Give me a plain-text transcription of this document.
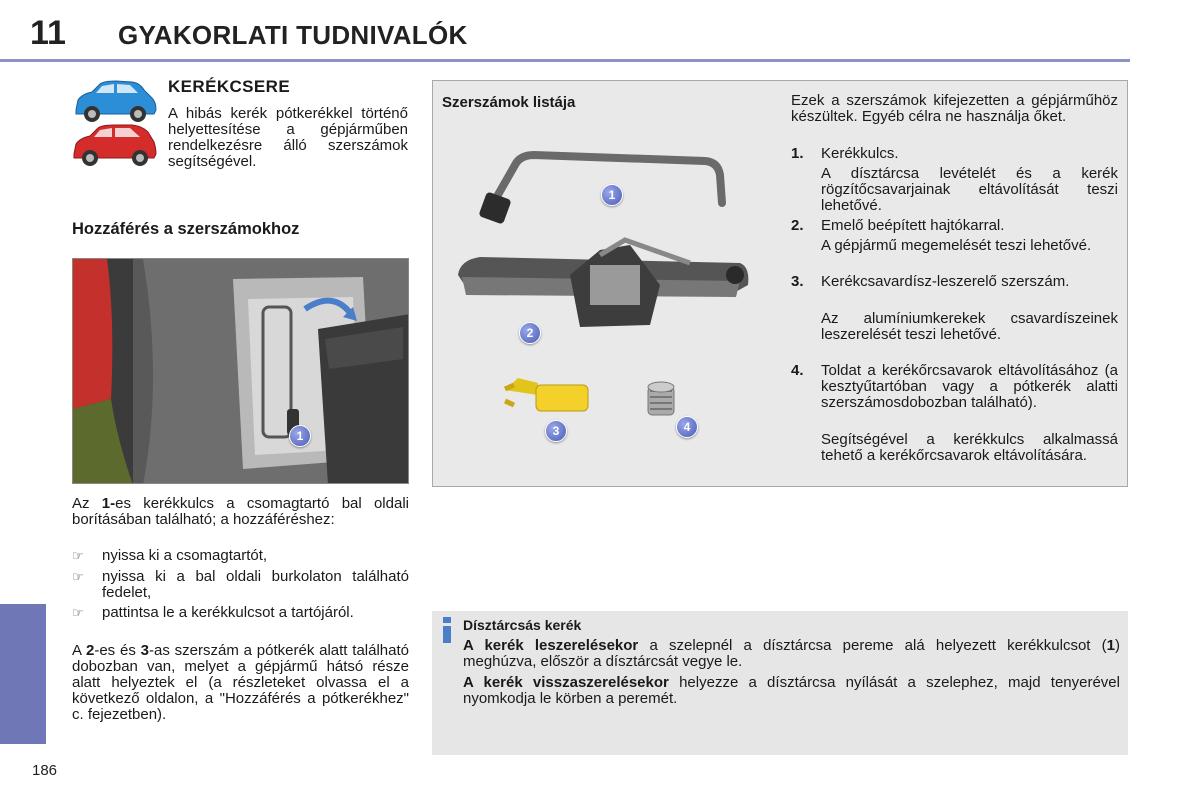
11 GYAKORLATI TUDNIVALÓK
186
KERÉKCSERE
A hibás kerék pótkerékkel történő helyettesítése a gépjárműben rendelkezésre álló szerszámok segítségével.
Hozzáférés a szerszámokhoz
1
Az 1-es kerékkulcs a csomagtartó bal oldali borításában található; a hozzáféréshez:
☞ nyissa ki a csomagtartót,
☞ nyissa ki a bal oldali burkolaton található fedelet,
☞ pattintsa le a kerékkulcsot a tartójáról.
A 2-es és 3-as szerszám a pótkerék alatt található dobozban van, melyet a gépjármű hátsó része alatt helyeztek el (a részleteket olvassa el a következő oldalon, a "Hozzáférés a pótkerékhez" c. fejezetben).
Szerszámok listája
1
2
3	4
Ezek a szerszámok kifejezetten a gépjárműhöz készültek. Egyéb célra ne használja őket.
1. Kerékkulcs.
A dísztárcsa levételét és a kerék rögzítőcsavarjainak eltávolítását teszi lehetővé.
2. Emelő beépített hajtókarral.
A gépjármű megemelését teszi lehetővé.
3. Kerékcsavardísz-leszerelő szerszám.
Az alumíniumkerekek csavardíszeinek leszerelését teszi lehetővé.
4. Toldat a kerékőrcsavarok eltávolításához (a kesztyűtartóban vagy a pótkerék alatti szerszámosdobozban található).
Segítségével a kerékkulcs alkalmassá tehető a kerékőrcsavarok eltávolítására.
Dísztárcsás kerék
A kerék leszerelésekor a szelepnél a dísztárcsa pereme alá helyezett kerékkulcsot (1) meghúzva, először a dísztárcsát vegye le.
A kerék visszaszerelésekor helyezze a dísztárcsa nyílását a szelephez, majd tenyerével nyomkodja le körben a peremét.
